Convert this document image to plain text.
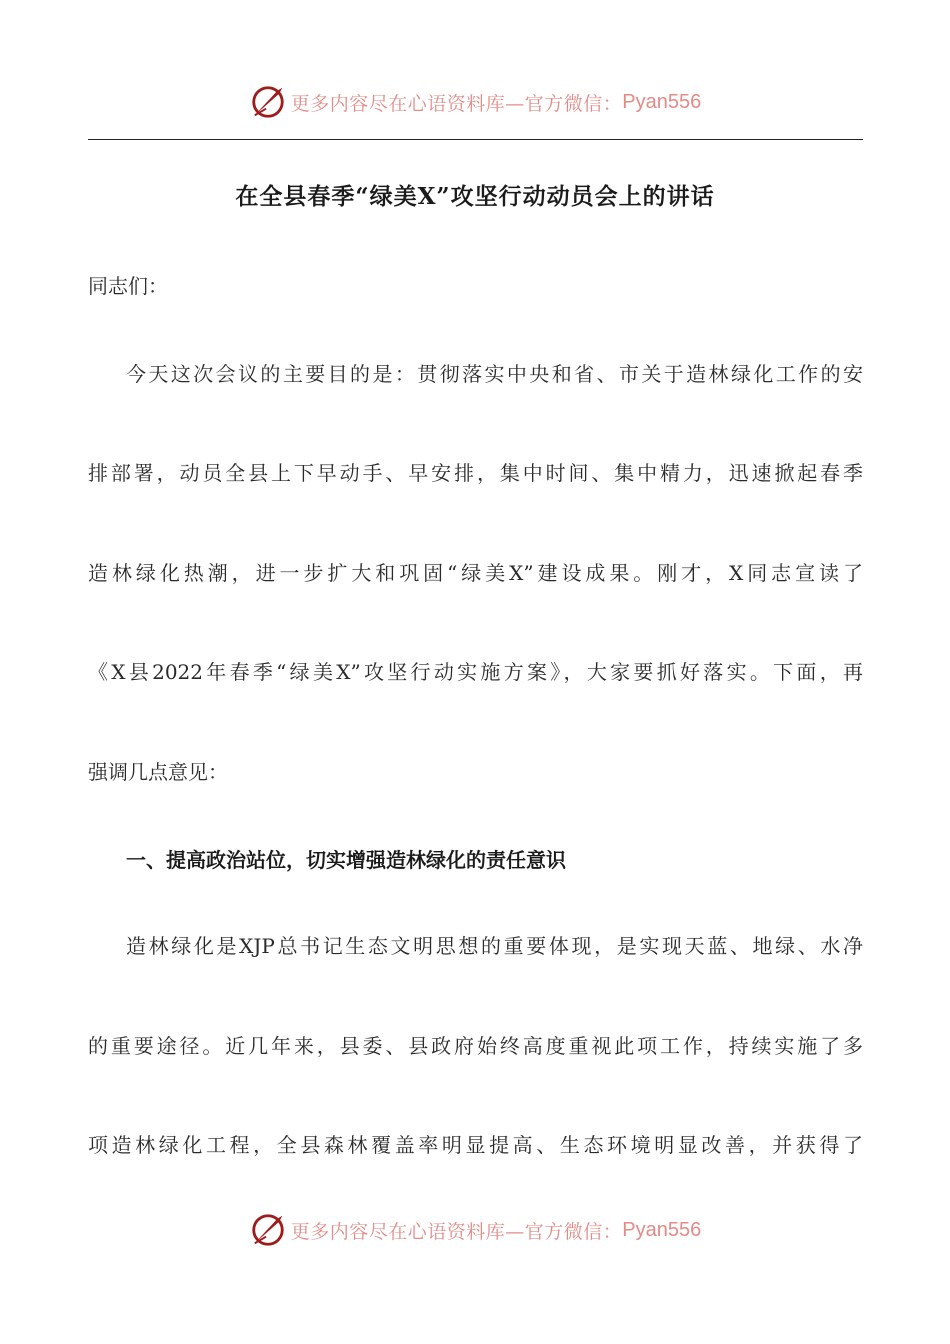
更多内容尽在心语资料库—官方微信： Pyan556
在全县春季“绿美X”攻坚行动动员会上的讲话
同志们：
今天这次会议的主要目的是：贯彻落实中央和省、市关于造林绿化工作的安
排部署，动员全县上下早动手、早安排，集中时间、集中精力，迅速掀起春季
造林绿化热潮，进一步扩大和巩固“绿美X”建设成果。刚才，X同志宣读了
《X县2022年春季“绿美X”攻坚行动实施方案》，大家要抓好落实。下面，再
强调几点意见：
一、提高政治站位，切实增强造林绿化的责任意识
造林绿化是XJP总书记生态文明思想的重要体现，是实现天蓝、地绿、水净
的重要途径。近几年来，县委、县政府始终高度重视此项工作，持续实施了多
项造林绿化工程，全县森林覆盖率明显提高、生态环境明显改善，并获得了
更多内容尽在心语资料库—官方微信： Pyan556
